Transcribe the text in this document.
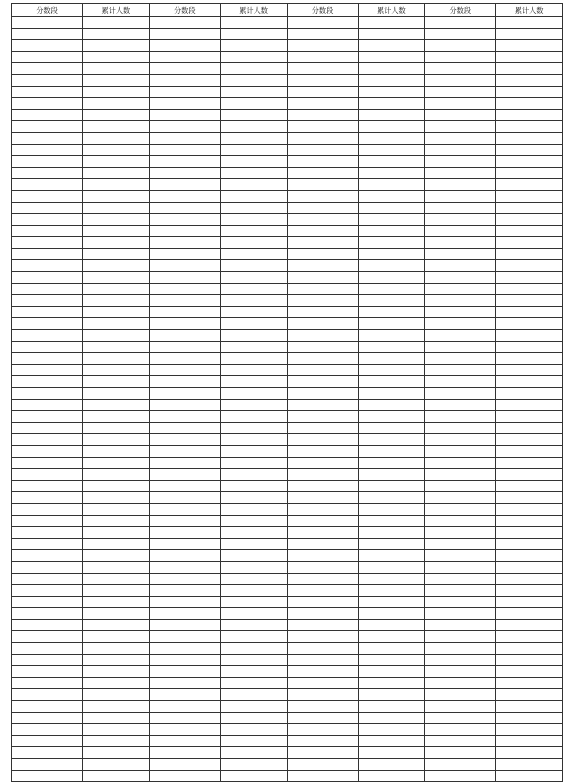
分数段	累计人数	分数段	累计人数	分数段	累计人数	分数段	累计人数
